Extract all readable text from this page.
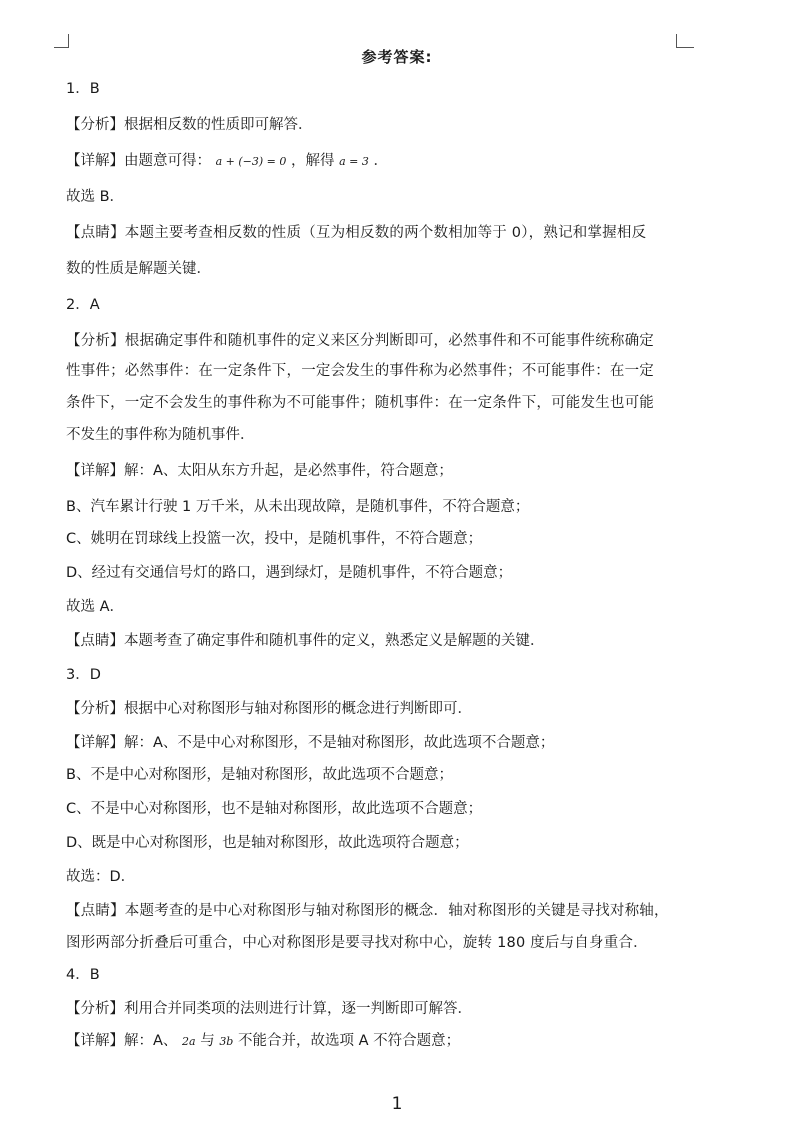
参考答案:
1．B
【分析】根据相反数的性质即可解答．
【详解】由题意可得： a + (−3) = 0 ，解得 a = 3 ．
故选 B．
【点睛】本题主要考查相反数的性质（互为相反数的两个数相加等于 0），熟记和掌握相反
数的性质是解题关键．
2．A
【分析】根据确定事件和随机事件的定义来区分判断即可，必然事件和不可能事件统称确定
性事件；必然事件：在一定条件下，一定会发生的事件称为必然事件；不可能事件：在一定
条件下，一定不会发生的事件称为不可能事件；随机事件：在一定条件下，可能发生也可能
不发生的事件称为随机事件．
【详解】解：A、太阳从东方升起，是必然事件，符合题意；
B、汽车累计行驶 1 万千米，从未出现故障，是随机事件，不符合题意；
C、姚明在罚球线上投篮一次，投中，是随机事件，不符合题意；
D、经过有交通信号灯的路口，遇到绿灯，是随机事件，不符合题意；
故选 A．
【点睛】本题考查了确定事件和随机事件的定义，熟悉定义是解题的关键．
3．D
【分析】根据中心对称图形与轴对称图形的概念进行判断即可．
【详解】解：A、不是中心对称图形，不是轴对称图形，故此选项不合题意；
B、不是中心对称图形，是轴对称图形，故此选项不合题意；
C、不是中心对称图形，也不是轴对称图形，故此选项不合题意；
D、既是中心对称图形，也是轴对称图形，故此选项符合题意；
故选：D．
【点睛】本题考查的是中心对称图形与轴对称图形的概念．轴对称图形的关键是寻找对称轴，
图形两部分折叠后可重合，中心对称图形是要寻找对称中心，旋转 180 度后与自身重合．
4．B
【分析】利用合并同类项的法则进行计算，逐一判断即可解答．
【详解】解：A、 2a 与 3b 不能合并，故选项 A 不符合题意；
1
